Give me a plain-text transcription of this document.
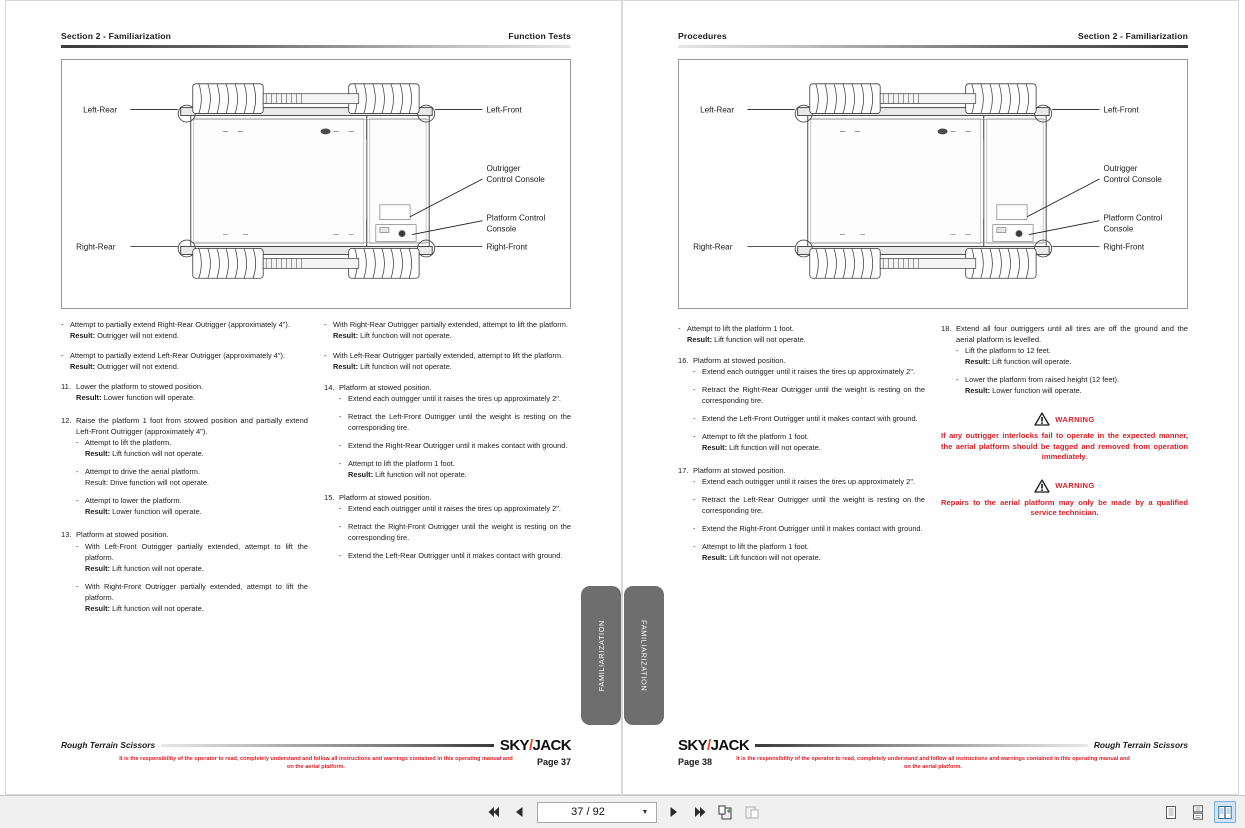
Section 2 - Familiarization	Function Tests
Left-Rear
Right-Rear
Left-Front
Right-Front
Outrigger
Control Console
Platform Control
Console

- Attempt to partially extend Right-Rear Outrigger (approximately 4").
Result: Outrigger will not extend.

- Attempt to partially extend Left-Rear Outrigger (approximately 4").
Result: Outrigger will not extend.

11. Lower the platform to stowed position.
Result: Lower function will operate.

12. Raise the platform 1 foot from stowed position and partially extend Left-Front Outrigger (approximately 4").

- Attempt to lift the platform.
Result: Lift function will not operate.

- Attempt to drive the aerial platform.
Result: Drive function will not operate.

- Attempt to lower the platform.
Result: Lower function will operate.

13. Platform at stowed position.

- With Left-Front Outrigger partially extended, attempt to lift the platform.
Result: Lift function will not operate.

- With Right-Front Outrigger partially extended, attempt to lift the platform.
Result: Lift function will not operate.

- With Right-Rear Outrigger partially extended, attempt to lift the platform.
Result: Lift function will not operate.

- With Left-Rear Outrigger partially extended, attempt to lift the platform.
Result: Lift function will not operate.

14. Platform at stowed position.

- Extend each outrigger until it raises the tires up approximately 2".

- Retract the Left-Front Outrigger until the weight is resting on the corresponding tire.

- Extend the Right-Rear Outrigger until it makes contact with ground.

- Attempt to lift the platform 1 foot.
Result: Lift function will not operate.

15. Platform at stowed position.

- Extend each outrigger until it raises the tires up approximately 2".

- Retract the Right-Front Outrigger until the weight is resting on the corresponding tire.

- Extend the Left-Rear Outrigger until it makes contact with ground.

Rough Terrain Scissors	SKY/JACK
It is the responsibility of the operator to read, completely understand and follow all instructions and warnings contained in this operating manual and on the aerial platform.
Page 37
Procedures	Section 2 - Familiarization
Left-Rear
Right-Rear
Left-Front
Right-Front
Outrigger
Control Console
Platform Control
Console

- Attempt to lift the platform 1 foot.
Result: Lift function will not operate.

16. Platform at stowed position.

- Extend each outrigger until it raises the tires up approximately 2".

- Retract the Right-Rear Outrigger until the weight is resting on the corresponding tire.

- Extend the Left-Front Outrigger until it makes contact with ground.

- Attempt to lift the platform 1 foot.
Result: Lift function will not operate.

17. Platform at stowed position.

- Extend each outrigger until it raises the tires up approximately 2".

- Retract the Left-Rear Outrigger until the weight is resting on the corresponding tire.

- Extend the Right-Front Outrigger until it makes contact with ground.

- Attempt to lift the platform 1 foot.
Result: Lift function will not operate.

18. Extend all four outriggers until all tires are off the ground and the aerial platform is levelled.

- Lift the platform to 12 feet.
Result: Lift function will operate.

- Lower the platform from raised height (12 feet).
Result: Lower function will operate.

WARNING
If any outrigger interlocks fail to operate in the expected manner, the aerial platform should be tagged and removed from operation immediately.
WARNING
Repairs to the aerial platform may only be made by a qualified service technician.
Rough Terrain Scissors
SKY/JACK
It is the responsibility of the operator to read, completely understand and follow all instructions and warnings contained in this operating manual and on the aerial platform.
Page 38
FAMILIARIZATION	FAMILIARIZATION
37 / 92	▼
